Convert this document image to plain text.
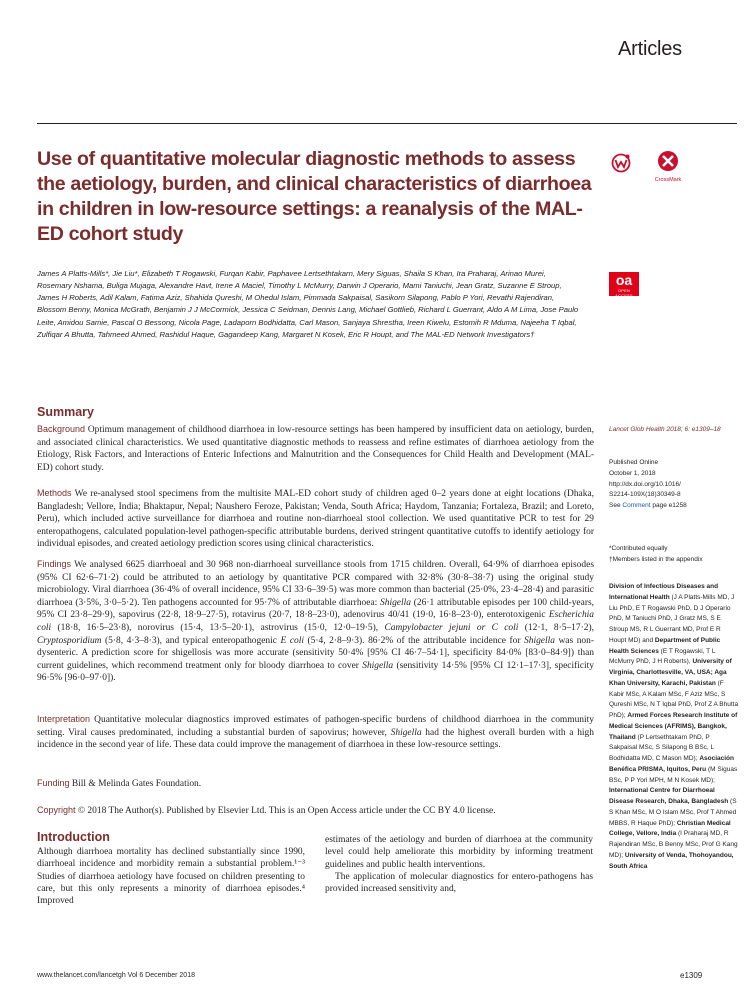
Articles
Use of quantitative molecular diagnostic methods to assess the aetiology, burden, and clinical characteristics of diarrhoea in children in low-resource settings: a reanalysis of the MAL-ED cohort study
CrossMark
oa
OPEN ACCESS

James A Platts-Mills*, Jie Liu*, Elizabeth T Rogawski, Furqan Kabir, Paphavee Lertsethtakarn, Mery Siguas, Shaila S Khan, Ira Praharaj, Arinao Murei, Rosemary Nshama, Buliga Mujaga, Alexandre Havt, Irene A Maciel, Timothy L McMurry, Darwin J Operario, Mami Taniuchi, Jean Gratz, Suzanne E Stroup, James H Roberts, Adil Kalam, Fatima Aziz, Shahida Qureshi, M Ohedul Islam, Pimmada Sakpaisal, Sasikorn Silapong, Pablo P Yori, Revathi Rajendiran, Blossom Benny, Monica McGrath, Benjamin J J McCormick, Jessica C Seidman, Dennis Lang, Michael Gottlieb, Richard L Guerrant, Aldo A M Lima, Jose Paulo Leite, Amidou Samie, Pascal O Bessong, Nicola Page, Ladaporn Bodhidatta, Carl Mason, Sanjaya Shrestha, Ireen Kiwelu, Estomih R Mduma, Najeeha T Iqbal, Zulfiqar A Bhutta, Tahmeed Ahmed, Rashidul Haque, Gagandeep Kang, Margaret N Kosek, Eric R Houpt, and The MAL-ED Network Investigators†

Summary

Background Optimum management of childhood diarrhoea in low-resource settings has been hampered by insufficient data on aetiology, burden, and associated clinical characteristics. We used quantitative diagnostic methods to reassess and refine estimates of diarrhoea aetiology from the Etiology, Risk Factors, and Interactions of Enteric Infections and Malnutrition and the Consequences for Child Health and Development (MAL-ED) cohort study.

Methods We re-analysed stool specimens from the multisite MAL-ED cohort study of children aged 0–2 years done at eight locations (Dhaka, Bangladesh; Vellore, India; Bhaktapur, Nepal; Naushero Feroze, Pakistan; Venda, South Africa; Haydom, Tanzania; Fortaleza, Brazil; and Loreto, Peru), which included active surveillance for diarrhoea and routine non-diarrhoeal stool collection. We used quantitative PCR to test for 29 enteropathogens, calculated population-level pathogen-specific attributable burdens, derived stringent quantitative cutoffs to identify aetiology for individual episodes, and created aetiology prediction scores using clinical characteristics.

Findings We analysed 6625 diarrhoeal and 30 968 non-diarrhoeal surveillance stools from 1715 children. Overall, 64·9% of diarrhoea episodes (95% CI 62·6–71·2) could be attributed to an aetiology by quantitative PCR compared with 32·8% (30·8–38·7) using the original study microbiology. Viral diarrhoea (36·4% of overall incidence, 95% CI 33·6–39·5) was more common than bacterial (25·0%, 23·4–28·4) and parasitic diarrhoea (3·5%, 3·0–5·2). Ten pathogens accounted for 95·7% of attributable diarrhoea: Shigella (26·1 attributable episodes per 100 child-years, 95% CI 23·8–29·9), sapovirus (22·8, 18·9–27·5), rotavirus (20·7, 18·8–23·0), adenovirus 40/41 (19·0, 16·8–23·0), enterotoxigenic Escherichia coli (18·8, 16·5–23·8), norovirus (15·4, 13·5–20·1), astrovirus (15·0, 12·0–19·5), Campylobacter jejuni or C coli (12·1, 8·5–17·2), Cryptosporidium (5·8, 4·3–8·3), and typical enteropathogenic E coli (5·4, 2·8–9·3). 86·2% of the attributable incidence for Shigella was non-dysenteric. A prediction score for shigellosis was more accurate (sensitivity 50·4% [95% CI 46·7–54·1], specificity 84·0% [83·0–84·9]) than current guidelines, which recommend treatment only for bloody diarrhoea to cover Shigella (sensitivity 14·5% [95% CI 12·1–17·3], specificity 96·5% [96·0–97·0]).

Interpretation Quantitative molecular diagnostics improved estimates of pathogen-specific burdens of childhood diarrhoea in the community setting. Viral causes predominated, including a substantial burden of sapovirus; however, Shigella had the highest overall burden with a high incidence in the second year of life. These data could improve the management of diarrhoea in these low-resource settings.

Funding Bill & Melinda Gates Foundation.

Copyright © 2018 The Author(s). Published by Elsevier Ltd. This is an Open Access article under the CC BY 4.0 license.

Introduction

Although diarrhoea mortality has declined substantially since 1990, diarrhoeal incidence and morbidity remain a substantial problem.¹⁻³ Studies of diarrhoea aetiology have focused on children presenting to care, but this only represents a minority of diarrhoea episodes.⁴ Improved

estimates of the aetiology and burden of diarrhoea at the community level could help ameliorate this morbidity by informing treatment guidelines and public health interventions.

The application of molecular diagnostics for entero-pathogens has provided increased sensitivity and,

Lancet Glob Health 2018; 6: e1309–18
Published Online
October 1, 2018
http://dx.doi.org/10.1016/
S2214-109X(18)30349-8
See Comment page e1258
*Contributed equally
†Members listed in the appendix
Division of Infectious Diseases and International Health (J A Platts-Mills MD, J Liu PhD, E T Rogawski PhD, D J Operario PhD, M Taniuchi PhD, J Gratz MS, S E Stroup MS, R L Guerrant MD, Prof E R Houpt MD) and Department of Public Health Sciences (E T Rogawski, T L McMurry PhD, J H Roberts), University of Virginia, Charlottesville, VA, USA; Aga Khan University, Karachi, Pakistan (F Kabir MSc, A Kalam MSc, F Aziz MSc, S Qureshi MSc, N T Iqbal PhD, Prof Z A Bhutta PhD); Armed Forces Research Institute of Medical Sciences (AFRIMS), Bangkok, Thailand (P Lertsethtakarn PhD, P Sakpaisal MSc, S Silapong B BSc, L Bodhidatta MD, C Mason MD); Asociación Benéfica PRISMA, Iquitos, Peru (M Siguas BSc, P P Yori MPH, M N Kosek MD); International Centre for Diarrhoeal Disease Research, Dhaka, Bangladesh (S S Khan MSc, M O Islam MSc, Prof T Ahmed MBBS, R Haque PhD); Christian Medical College, Vellore, India (I Praharaj MD, R Rajendiran MSc, B Benny MSc, Prof G Kang MD); University of Venda, Thohoyandou, South Africa
www.thelancet.com/lancetgh Vol 6 December 2018	e1309
